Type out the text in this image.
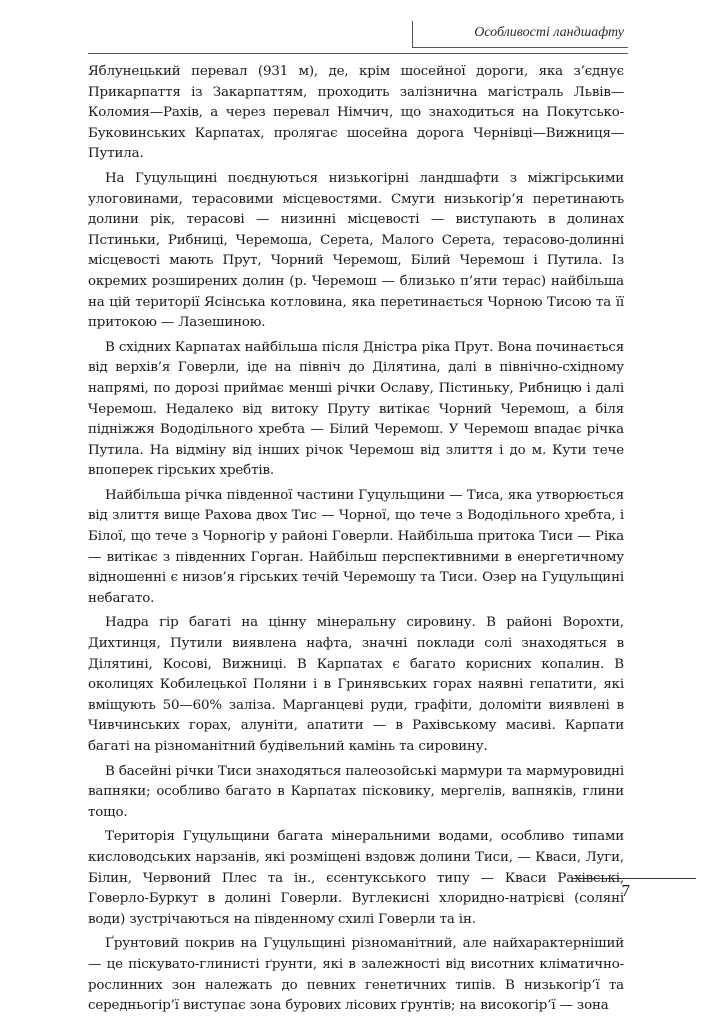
Особливості ландшафту

Яблунецький перевал (931 м), де, крім шосейної дороги, яка з’єднує Прикарпаття із Закарпаттям, проходить залізнична магістраль Львів—Коломия—Рахів, а через перевал Німчич, що знаходиться на Покутсько-Буковинських Карпатах, пролягає шосейна дорога Чернівці—Вижниця—Путила.

На Гуцульщині поєднуються низькогірні ландшафти з міжгірськими улоговинами, терасовими місцевостями. Смуги низькогір’я перетинають долини рік, терасові — низинні місцевості — виступають в долинах Пстиньки, Рибниці, Черемоша, Серета, Малого Серета, терасово-долинні місцевості мають Прут, Чорний Черемош, Білий Черемош і Путила. Із окремих розширених долин (р. Черемош — близько п’яти терас) найбільша на цій території Ясінська котловина, яка перетинається Чорною Тисою та її притокою — Лазешиною.

В східних Карпатах найбільша після Дністра ріка Прут. Вона починається від верхів’я Говерли, іде на північ до Ділятина, далі в північно-східному напрямі, по дорозі приймає менші річки Ославу, Пістиньку, Рибницю і далі Черемош. Недалеко від витоку Пруту витікає Чорний Черемош, а біля підніжжя Вододільного хребта — Білий Черемош. У Черемош впадає річка Путила. На відміну від інших річок Черемош від злиття і до м. Кути тече впоперек гірських хребтів.

Найбільша річка південної частини Гуцульщини — Тиса, яка утворюється від злиття вище Рахова двох Тис — Чорної, що тече з Вододільного хребта, і Білої, що тече з Чорногір у районі Говерли. Найбільша притока Тиси — Ріка — витікає з південних Горган. Найбільш перспективними в енергетичному відношенні є низов’я гірських течій Черемошу та Тиси. Озер на Гуцульщині небагато.

Надра гір багаті на цінну мінеральну сировину. В районі Ворохти, Дихтинця, Путили виявлена нафта, значні поклади солі знаходяться в Ділятині, Косові, Вижниці. В Карпатах є багато корисних копалин. В околицях Кобилецької Поляни і в Гринявських горах наявні гепатити, які вміщують 50—60% заліза. Марганцеві руди, графіти, доломіти виявлені в Чивчинських горах, алуніти, апатити — в Рахівському масиві. Карпати багаті на різноманітний будівельний камінь та сировину.

В басейні річки Тиси знаходяться палеозойські мармури та мармуровидні вапняки; особливо багато в Карпатах пісковику, мергелів, вапняків, глини тощо.

Територія Гуцульщини багата мінеральними водами, особливо типами кисловодських нарзанів, які розміщені вздовж долини Тиси, — Кваси, Луги, Білин, Червоний Плес та ін., єсентукського типу — Кваси Рахівські, Говерло-Буркут в долині Говерли. Вуглекисні хлоридно-натрієві (соляні води) зустрічаються на південному схилі Говерли та ін.

Ґрунтовий покрив на Гуцульщині різноманітний, але найхарактерніший — це піскувато-глинисті ґрунти, які в залежності від висотних кліматично-рослинних зон належать до певних генетичних типів. В низькогір’ї та середньогір’ї виступає зона бурових лісових ґрунтів; на високогір’ї — зона

7
